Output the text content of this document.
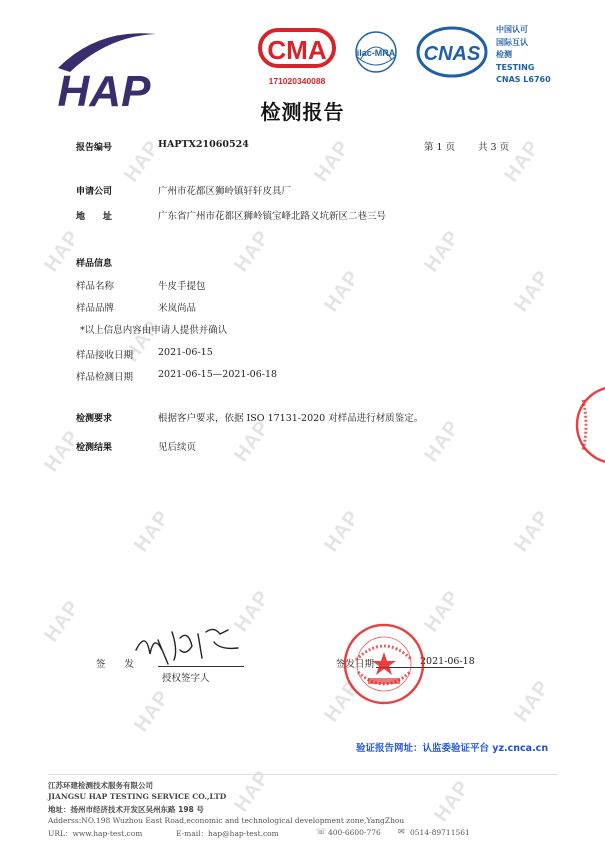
HAP	HAP	HAP
HAP	HAP	HAP
HAP
HAP	HAP
HAP	HAP	HAP
HAP	HAP	HAP
HAP	HAP	HAP
HAP	HAP	HAP
HAP	HAP
HAP
CMA
171020340088
ilac-MRA CNAS
中国认可
国际互认
检测
TESTING
CNAS L6760
检测报告
报告编号	HAPTX21060524	第 1 页 共 3 页
申请公司	广州市花都区狮岭镇轩轩皮具厂
地　　址	广东省广州市花都区狮岭镇宝峰北路义坑新区二巷三号
样品信息
样品名称	牛皮手提包
样品品牌	米岚尚品
*以上信息内容由申请人提供并确认
样品接收日期	2021-06-15
样品检测日期	2021-06-15—2021-06-18
检测要求	根据客户要求，依据 ISO 17131-2020 对样品进行材质鉴定。
检测结果	见后续页
签　　发
授权签字人
签发日期	2021-06-18
验证报告网址：认监委验证平台 yz.cnca.cn
江苏环建检测技术服务有限公司
JIANGSU HAP TESTING SERVICE CO.,LTD
地址：扬州市经济技术开发区吴州东路 198 号
Adderss:NO.198 Wuzhou East Road,economic and technological development zone,YangZhou
URL：www.hap-test.com	E-mail：hap@hap-test.com	☏ 400-6600-776 ✉ 0514-89711561
